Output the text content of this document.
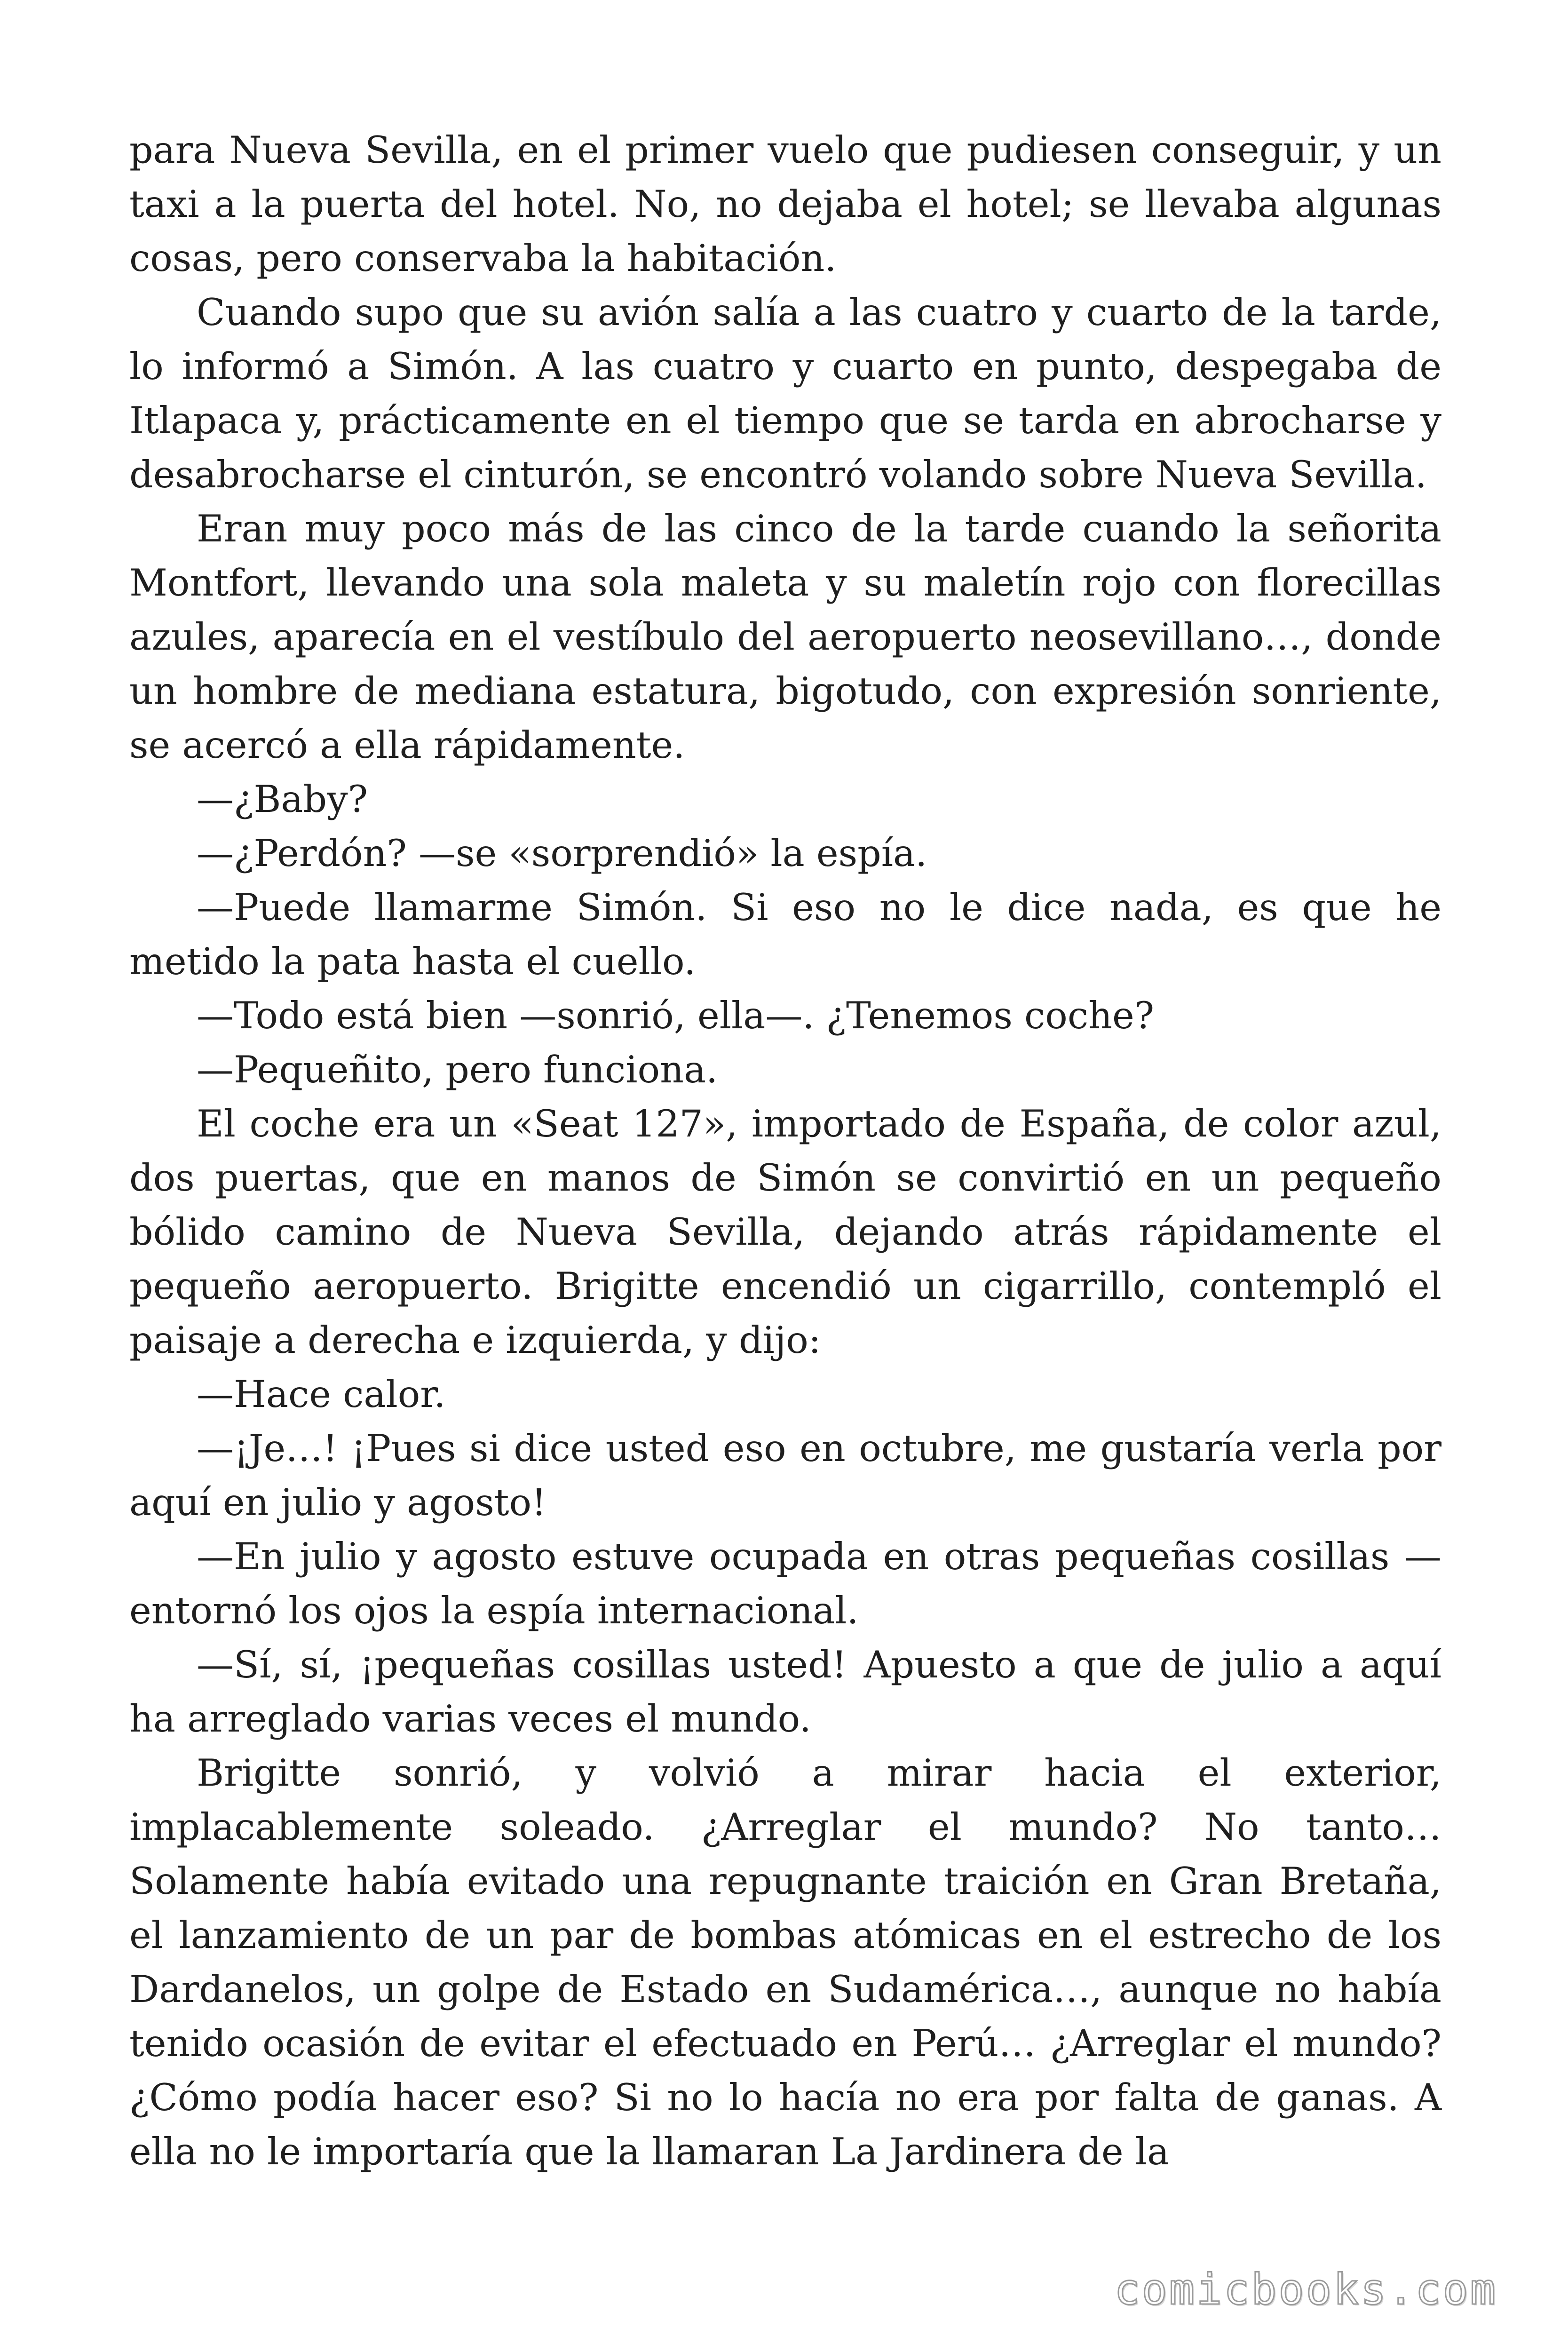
para Nueva Sevilla, en el primer vuelo que pudiesen conseguir, y un taxi a la puerta del hotel. No, no dejaba el hotel; se llevaba algunas cosas, pero conservaba la habitación.

Cuando supo que su avión salía a las cuatro y cuarto de la tarde, lo informó a Simón. A las cuatro y cuarto en punto, despegaba de Itlapaca y, prácticamente en el tiempo que se tarda en abrocharse y desabrocharse el cinturón, se encontró volando sobre Nueva Sevilla.

Eran muy poco más de las cinco de la tarde cuando la señorita Montfort, llevando una sola maleta y su maletín rojo con florecillas azules, aparecía en el vestíbulo del aeropuerto neosevillano…, donde un hombre de mediana estatura, bigotudo, con expresión sonriente, se acercó a ella rápidamente.

—¿Baby?

—¿Perdón? —se «sorprendió» la espía.

—Puede llamarme Simón. Si eso no le dice nada, es que he metido la pata hasta el cuello.

—Todo está bien —sonrió, ella—. ¿Tenemos coche?

—Pequeñito, pero funciona.

El coche era un «Seat 127», importado de España, de color azul, dos puertas, que en manos de Simón se convirtió en un pequeño bólido camino de Nueva Sevilla, dejando atrás rápidamente el pequeño aeropuerto. Brigitte encendió un cigarrillo, contempló el paisaje a derecha e izquierda, y dijo:

—Hace calor.

—¡Je…! ¡Pues si dice usted eso en octubre, me gustaría verla por aquí en julio y agosto!

—En julio y agosto estuve ocupada en otras pequeñas cosillas — entornó los ojos la espía internacional.

—Sí, sí, ¡pequeñas cosillas usted! Apuesto a que de julio a aquí ha arreglado varias veces el mundo.

Brigitte sonrió, y volvió a mirar hacia el exterior, implacablemente soleado. ¿Arreglar el mundo? No tanto… Solamente había evitado una repugnante traición en Gran Bretaña, el lanzamiento de un par de bombas atómicas en el estrecho de los Dardanelos, un golpe de Estado en Sudamérica…, aunque no había tenido ocasión de evitar el efectuado en Perú… ¿Arreglar el mundo? ¿Cómo podía hacer eso? Si no lo hacía no era por falta de ganas. A ella no le importaría que la llamaran La Jardinera de la

comicbooks.com
